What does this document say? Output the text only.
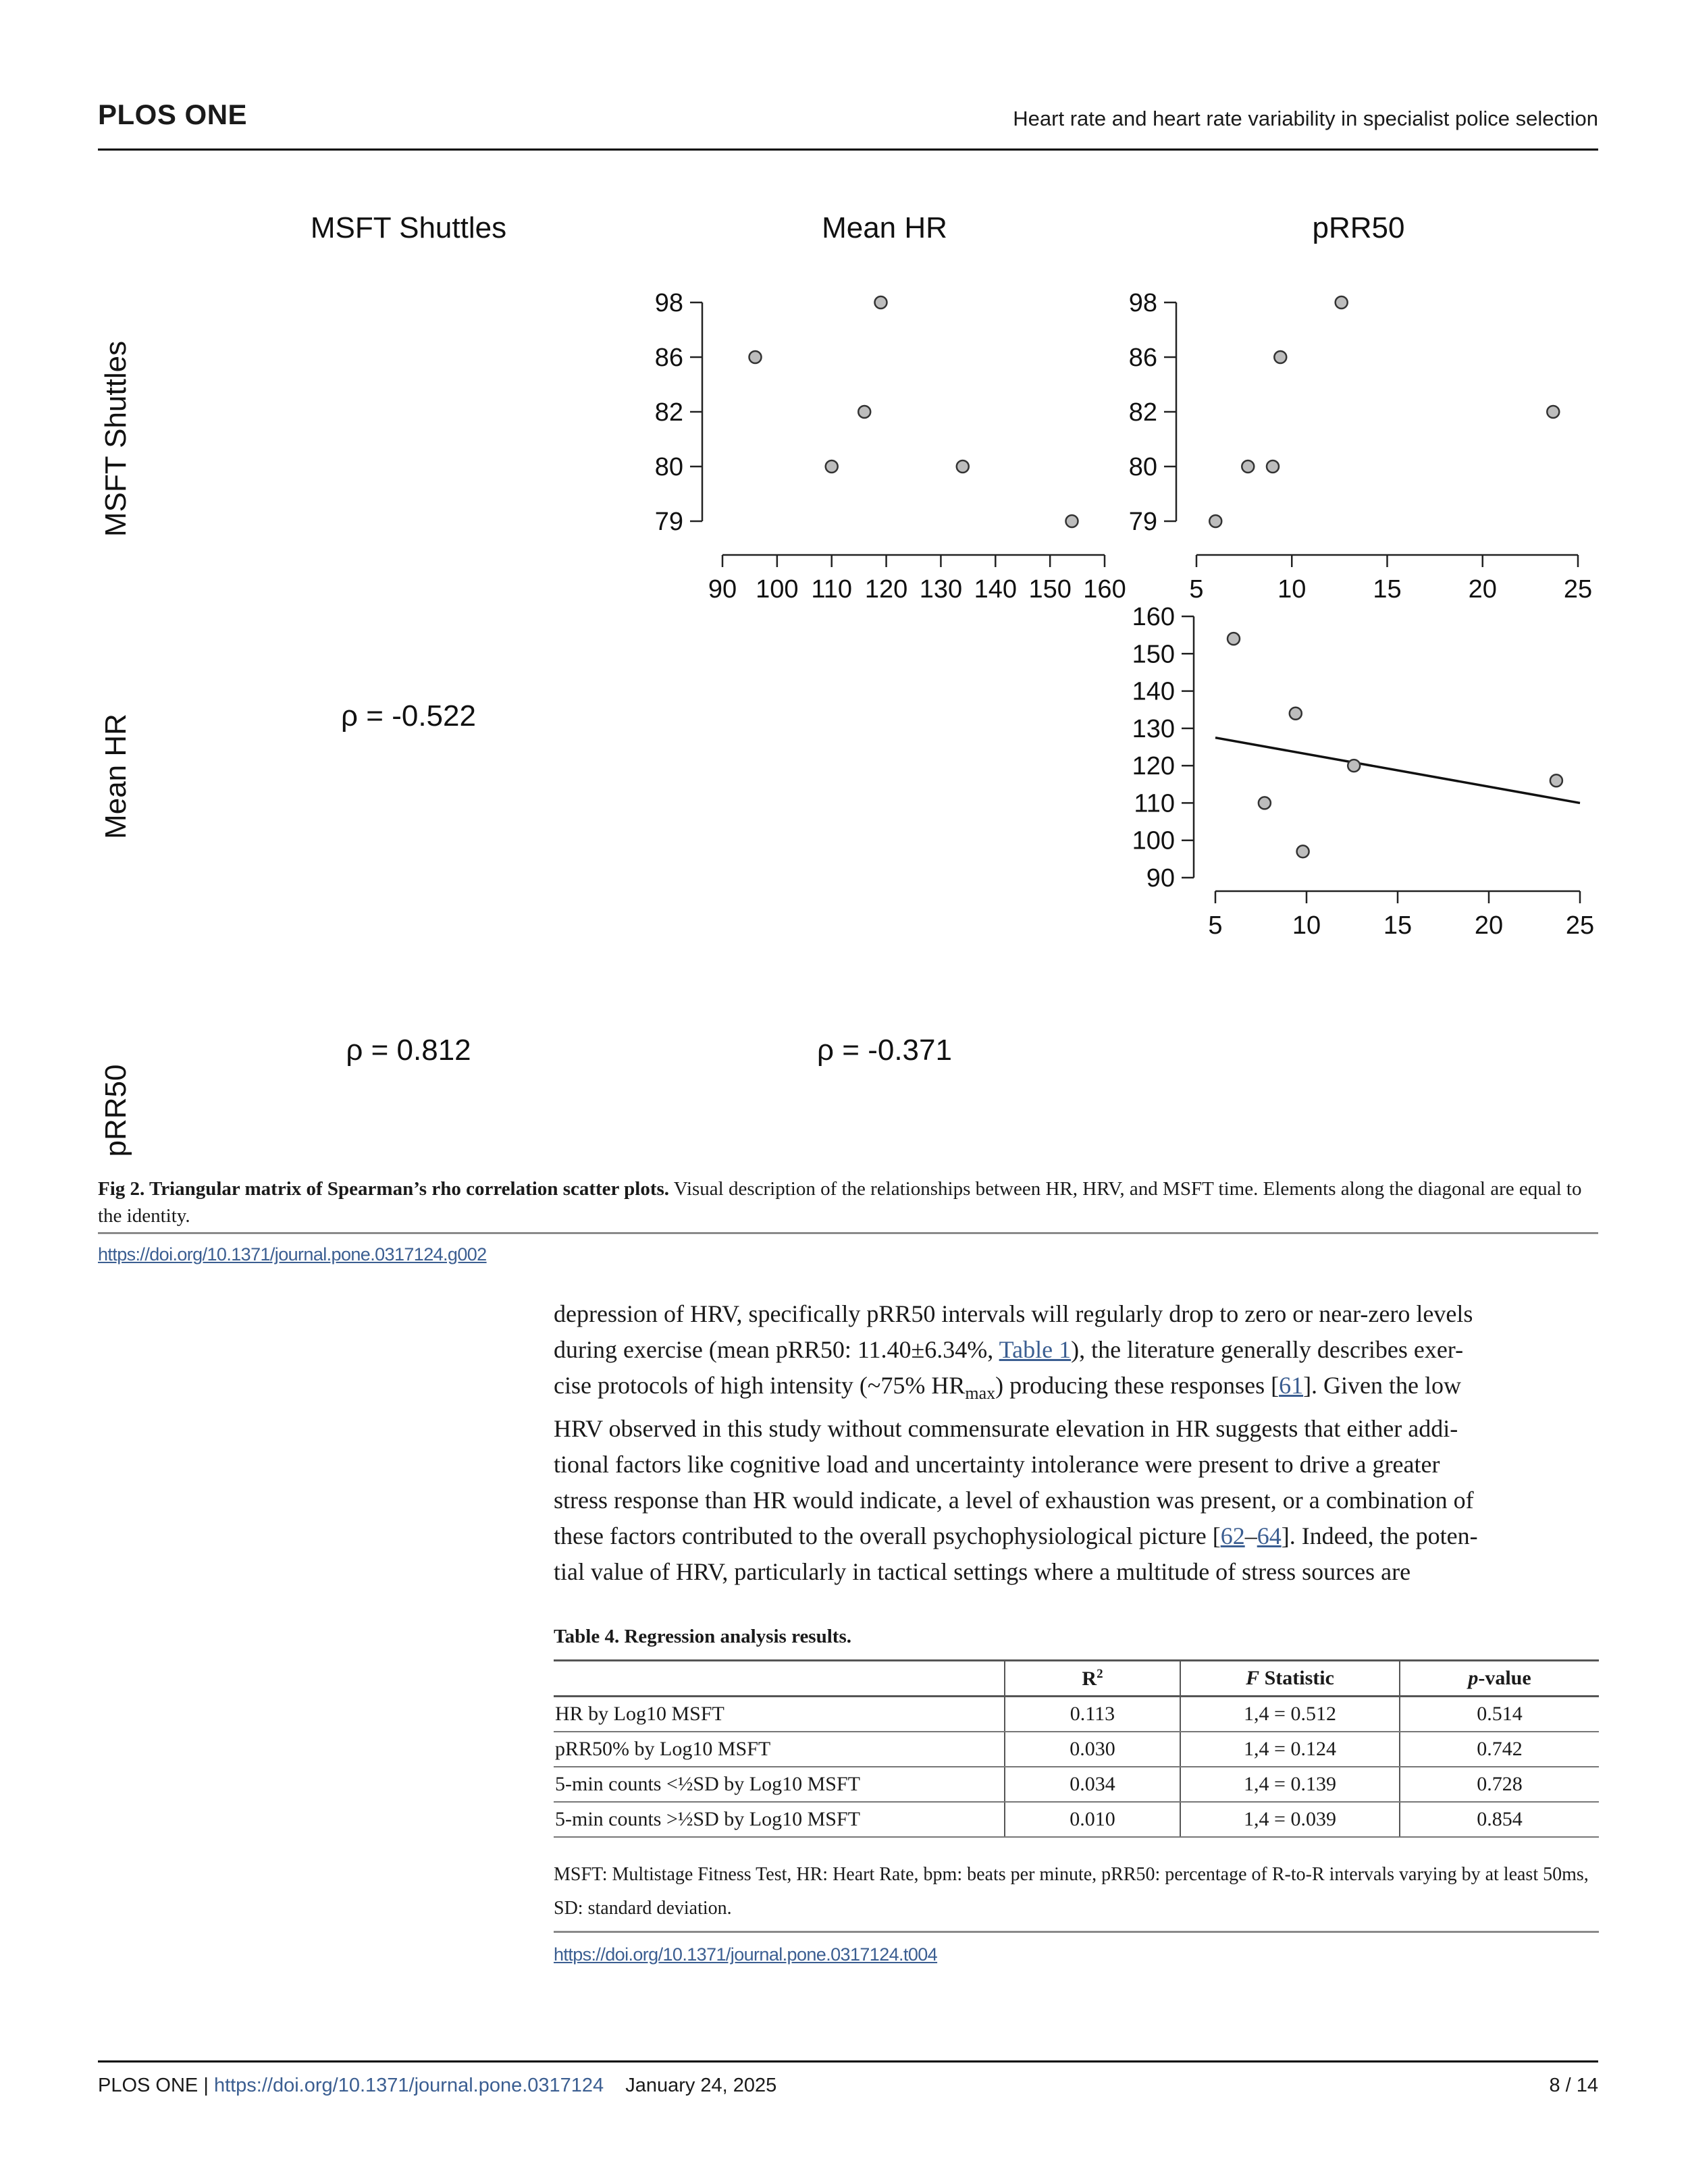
PLOS ONE	Heart rate and heart rate variability in specialist police selection
MSFT Shuttles	Mean HR	pRR50
MSFT Shuttles
Mean HR
pRR50
ρ = -0.522
ρ = 0.812	ρ = -0.371
90 100 110 120 130 140 150 160
98
86
82
80
79
5	10	15	20	25
98
86
82
80
79
5	10 15 20 25
160
150
140
130
120
110
100
90
Fig 2. Triangular matrix of Spearman’s rho correlation scatter plots. Visual description of the relationships between HR, HRV, and MSFT time. Elements along the diagonal are equal to the identity.
https://doi.org/10.1371/journal.pone.0317124.g002

depression of HRV, specifically pRR50 intervals will regularly drop to zero or near-zero levels

during exercise (mean pRR50: 11.40±6.34%, Table 1), the literature generally describes exer-

cise protocols of high intensity (~75% $HR_{max}$) producing these responses [61]. Given the low

HRV observed in this study without commensurate elevation in HR suggests that either addi-

tional factors like cognitive load and uncertainty intolerance were present to drive a greater

stress response than HR would indicate, a level of exhaustion was present, or a combination of

these factors contributed to the overall psychophysiological picture [62–64]. Indeed, the poten-

tial value of HRV, particularly in tactical settings where a multitude of stress sources are

Table 4. Regression analysis results.
	$R^2$	F Statistic	p-value
HR by Log10 MSFT	0.113	1,4 = 0.512	0.514
pRR50% by Log10 MSFT	0.030	1,4 = 0.124	0.742
5-min counts <½SD by Log10 MSFT	0.034	1,4 = 0.139	0.728
5-min counts >½SD by Log10 MSFT	0.010	1,4 = 0.039	0.854
MSFT: Multistage Fitness Test, HR: Heart Rate, bpm: beats per minute, pRR50: percentage of R-to-R intervals varying by at least 50ms, SD: standard deviation.
https://doi.org/10.1371/journal.pone.0317124.t004
PLOS ONE | https://doi.org/10.1371/journal.pone.0317124 January 24, 2025	8 / 14
